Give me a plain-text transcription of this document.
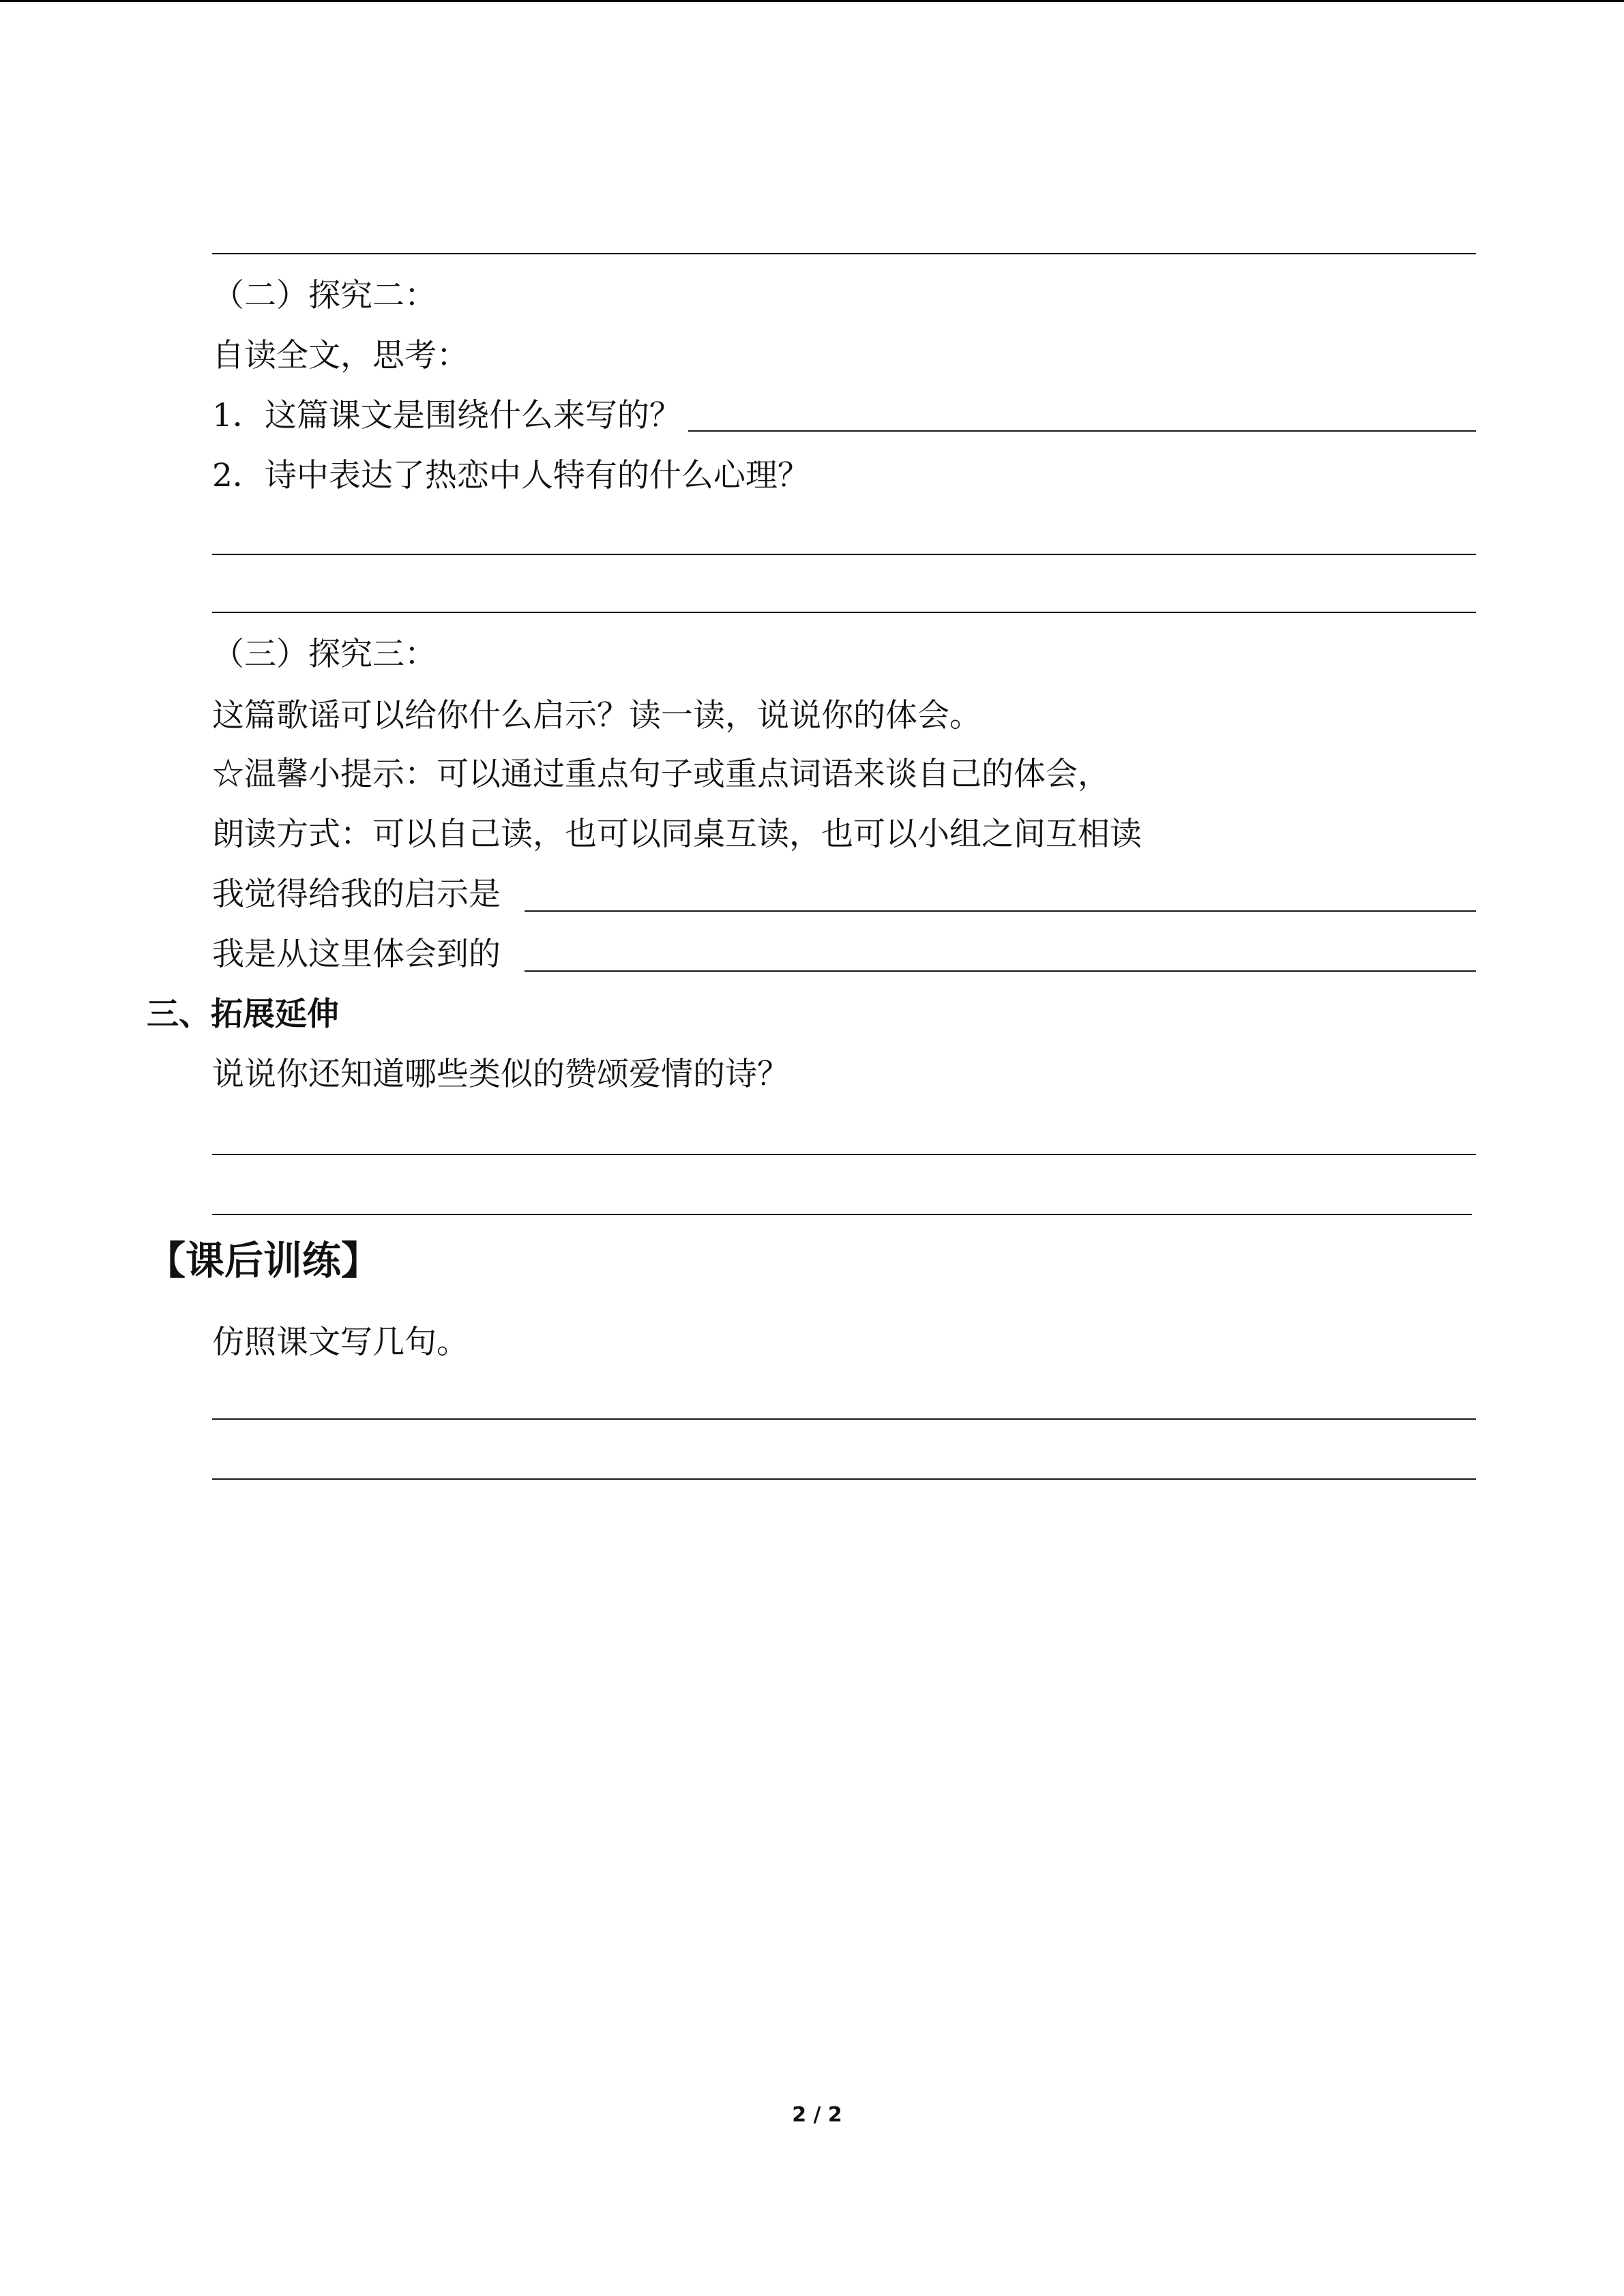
（二）探究二：
自读全文，思考：
1．这篇课文是围绕什么来写的？
2．诗中表达了热恋中人特有的什么心理？
（三）探究三：
这篇歌谣可以给你什么启示？读一读，说说你的体会。
☆温馨小提示：可以通过重点句子或重点词语来谈自己的体会，
朗读方式：可以自己读，也可以同桌互读，也可以小组之间互相读
我觉得给我的启示是
我是从这里体会到的
三、拓展延伸
说说你还知道哪些类似的赞颂爱情的诗？
【课后训练】
仿照课文写几句。
2 / 2
